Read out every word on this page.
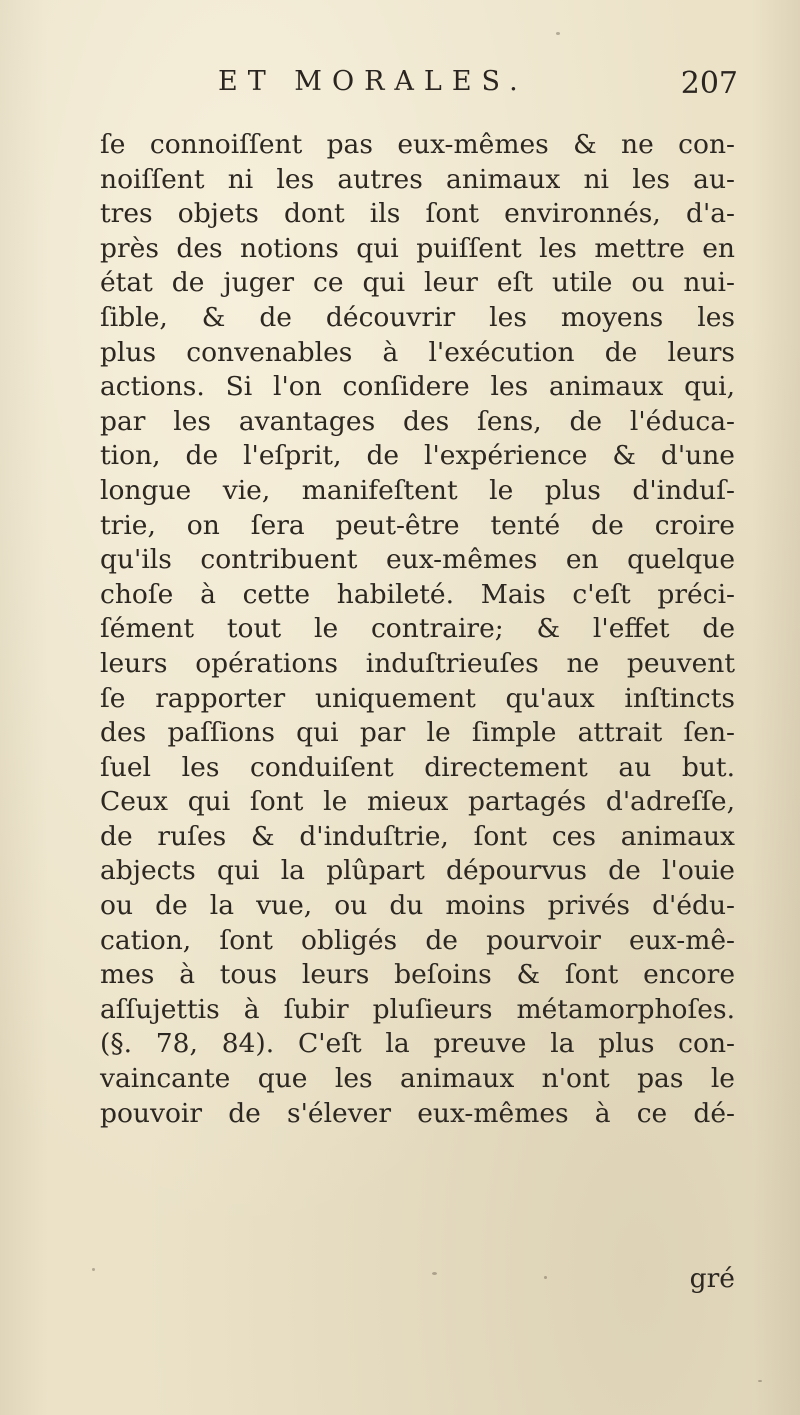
ET MORALES.	207
ſe connoiſſent pas eux-mêmes & ne con-
noiſſent ni les autres animaux ni les au-
tres objets dont ils ſont environnés, d'a-
près des notions qui puiſſent les mettre en
état de juger ce qui leur eſt utile ou nui-
ſible, & de découvrir les moyens les
plus convenables à l'exécution de leurs
actions. Si l'on conſidere les animaux qui,
par les avantages des ſens, de l'éduca-
tion, de l'eſprit, de l'expérience & d'une
longue vie, manifeſtent le plus d'induſ-
trie, on ſera peut-être tenté de croire
qu'ils contribuent eux-mêmes en quelque
choſe à cette habileté. Mais c'eſt préci-
ſément tout le contraire; & l'effet de
leurs opérations induſtrieuſes ne peuvent
ſe rapporter uniquement qu'aux inſtincts
des paſſions qui par le ſimple attrait ſen-
ſuel les conduiſent directement au but.
Ceux qui ſont le mieux partagés d'adreſſe,
de ruſes & d'induſtrie, ſont ces animaux
abjects qui la plûpart dépourvus de l'ouie
ou de la vue, ou du moins privés d'édu-
cation, ſont obligés de pourvoir eux-mê-
mes à tous leurs beſoins & ſont encore
aſſujettis à ſubir pluſieurs métamorphoſes.
(§. 78, 84). C'eſt la preuve la plus con-
vaincante que les animaux n'ont pas le
pouvoir de s'élever eux-mêmes à ce dé-
gré
